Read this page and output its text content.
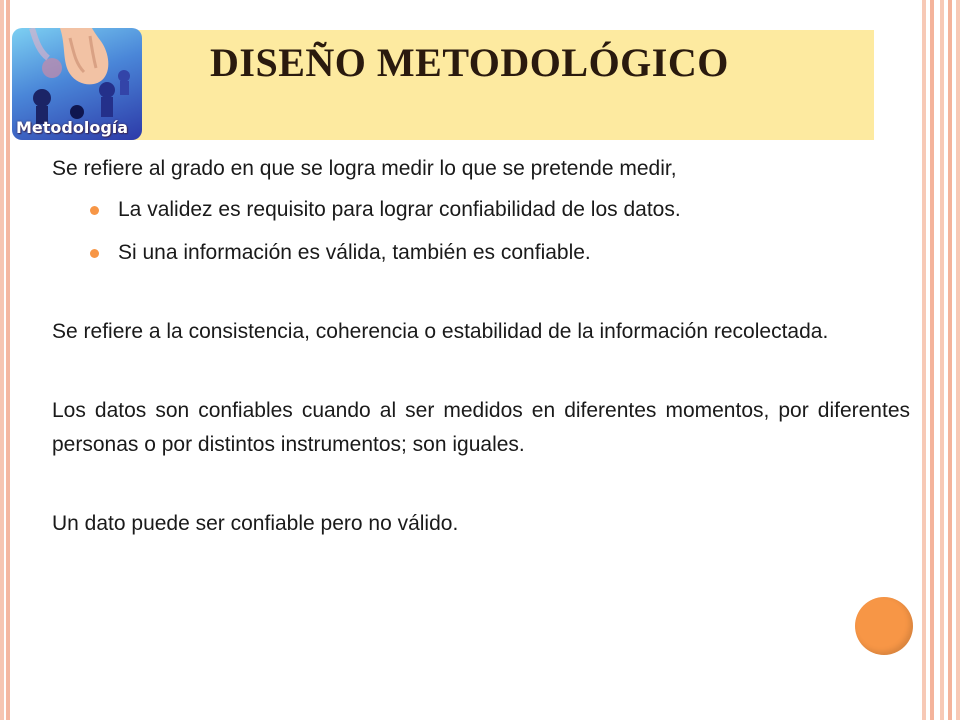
DISEÑO METODOLÓGICO
Metodología

Se refiere al grado en que se logra medir lo que se pretende medir,

La validez es requisito para lograr confiabilidad de los datos.
Si una información es válida, también es confiable.

Se refiere a la consistencia, coherencia o estabilidad de la información recolectada.

Los datos son confiables cuando al ser medidos en diferentes momentos, por diferentes personas o por distintos instrumentos; son iguales.

Un dato puede ser confiable pero no válido.
